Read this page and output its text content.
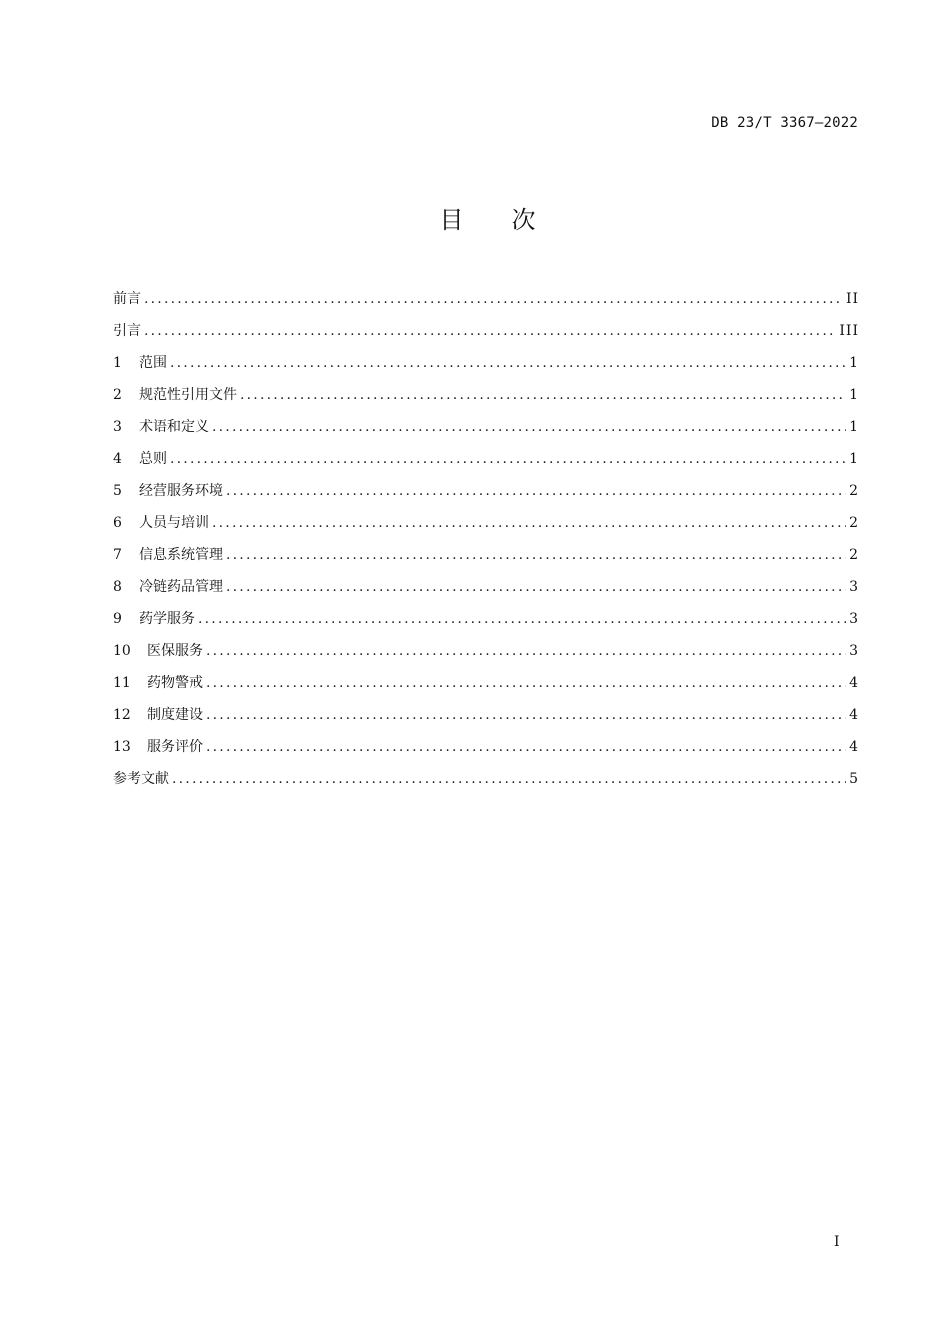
DB 23/T 3367—2022
目 次
前言 .....	II
引言 .....	III
1	范围 .....	1
2	规范性引用文件 .....	1
3	术语和定义 .....	1
4	总则 .....	1
5	经营服务环境 .....	2
6	人员与培训 .....	2
7	信息系统管理 .....	2
8	冷链药品管理 .....	3
9	药学服务 .....	3
10	医保服务 .....	3
11	药物警戒 .....	4
12	制度建设 .....	4
13	服务评价 .....	4
参考文献 .....	5
I
